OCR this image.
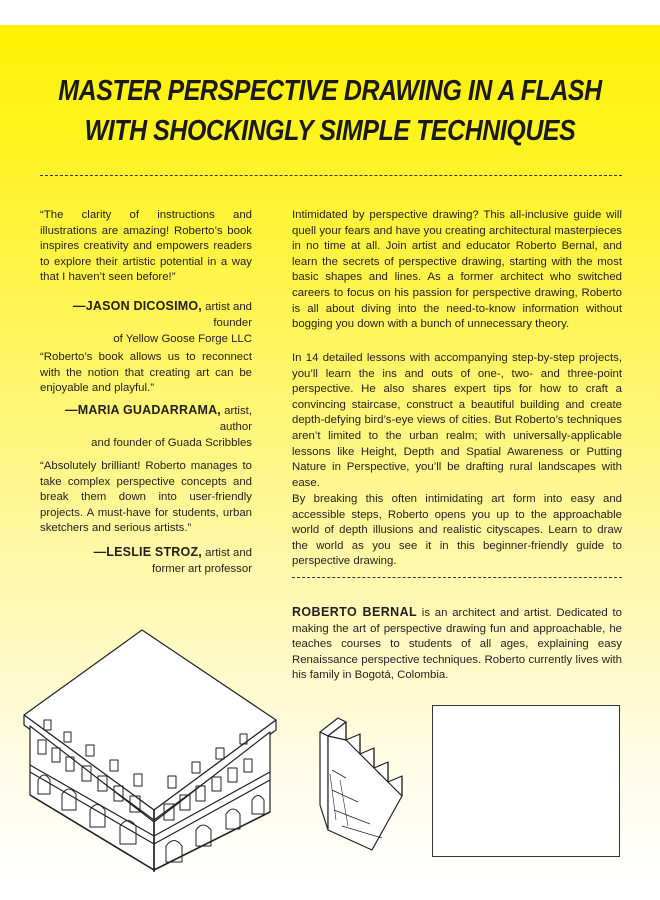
MASTER PERSPECTIVE DRAWING IN A FLASH
WITH SHOCKINGLY SIMPLE TECHNIQUES
“The clarity of instructions and illustrations are amazing! Roberto’s book inspires creativity and empowers readers to explore their artistic potential in a way that I haven’t seen before!”
—JASON DICOSIMO, artist and founder
of Yellow Goose Forge LLC
“Roberto’s book allows us to reconnect with the notion that creating art can be enjoyable and playful.”
—MARIA GUADARRAMA, artist, author
and founder of Guada Scribbles
“Absolutely brilliant! Roberto manages to take complex perspective concepts and break them down into user-friendly projects. A must-have for students, urban sketchers and serious artists.”
—LESLIE STROZ, artist and
former art professor
Intimidated by perspective drawing? This all-inclusive guide will quell your fears and have you creating architectural masterpieces in no time at all. Join artist and educator Roberto Bernal, and learn the secrets of perspective drawing, starting with the most basic shapes and lines. As a former architect who switched careers to focus on his passion for perspective drawing, Roberto is all about diving into the need-to-know information without bogging you down with a bunch of unnecessary theory.
In 14 detailed lessons with accompanying step-by-step projects, you’ll learn the ins and outs of one-, two- and three-point perspective. He also shares expert tips for how to craft a convincing staircase, construct a beautiful building and create depth-defying bird’s-eye views of cities. But Roberto’s techniques aren’t limited to the urban realm; with universally-applicable lessons like Height, Depth and Spatial Awareness or Putting Nature in Perspective, you’ll be drafting rural landscapes with ease.
By breaking this often intimidating art form into easy and accessible steps, Roberto opens you up to the approachable world of depth illusions and realistic cityscapes. Learn to draw the world as you see it in this beginner-friendly guide to perspective drawing.
ROBERTO BERNAL is an architect and artist. Dedicated to making the art of perspective drawing fun and approachable, he teaches courses to students of all ages, explaining easy Renaissance perspective techniques. Roberto currently lives with his family in Bogotá, Colombia.
